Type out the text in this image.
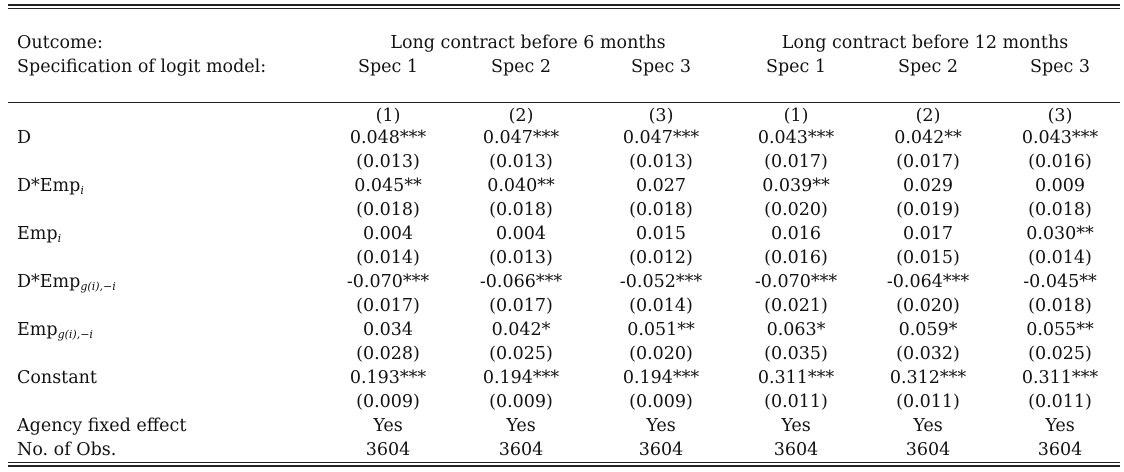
Outcome:
Specification of logit model:
Long contract before 6 months	Long contract before 12 months
Spec 1	Spec 2	Spec 3	Spec 1	Spec 2	Spec 3
(1)	(2)	(3)	(1)	(2)	(3)
D	0.048***	0.047***	0.047***	0.043***	0.042**	0.043***
(0.013)	(0.013)	(0.013)	(0.017)	(0.017)	(0.016)
D*Emp$_i$	0.045**	0.040**	0.027	0.039**	0.029	0.009
(0.018)	(0.018)	(0.018)	(0.020)	(0.019)	(0.018)
Emp$_i$	0.004	0.004	0.015	0.016	0.017	0.030**
(0.014)	(0.013)	(0.012)	(0.016)	(0.015)	(0.014)
D*Emp$_{g(i),-i}$	-0.070***	-0.066***	-0.052***	-0.070***	-0.064***	-0.045**
(0.017)	(0.017)	(0.014)	(0.021)	(0.020)	(0.018)
Emp$_{g(i),-i}$	0.034	0.042*	0.051**	0.063*	0.059*	0.055**
(0.028)	(0.025)	(0.020)	(0.035)	(0.032)	(0.025)
Constant	0.193***	0.194***	0.194***	0.311***	0.312***	0.311***
(0.009)	(0.009)	(0.009)	(0.011)	(0.011)	(0.011)
Agency fixed effect	Yes	Yes	Yes	Yes	Yes	Yes
No. of Obs.	3604	3604	3604	3604	3604	3604
